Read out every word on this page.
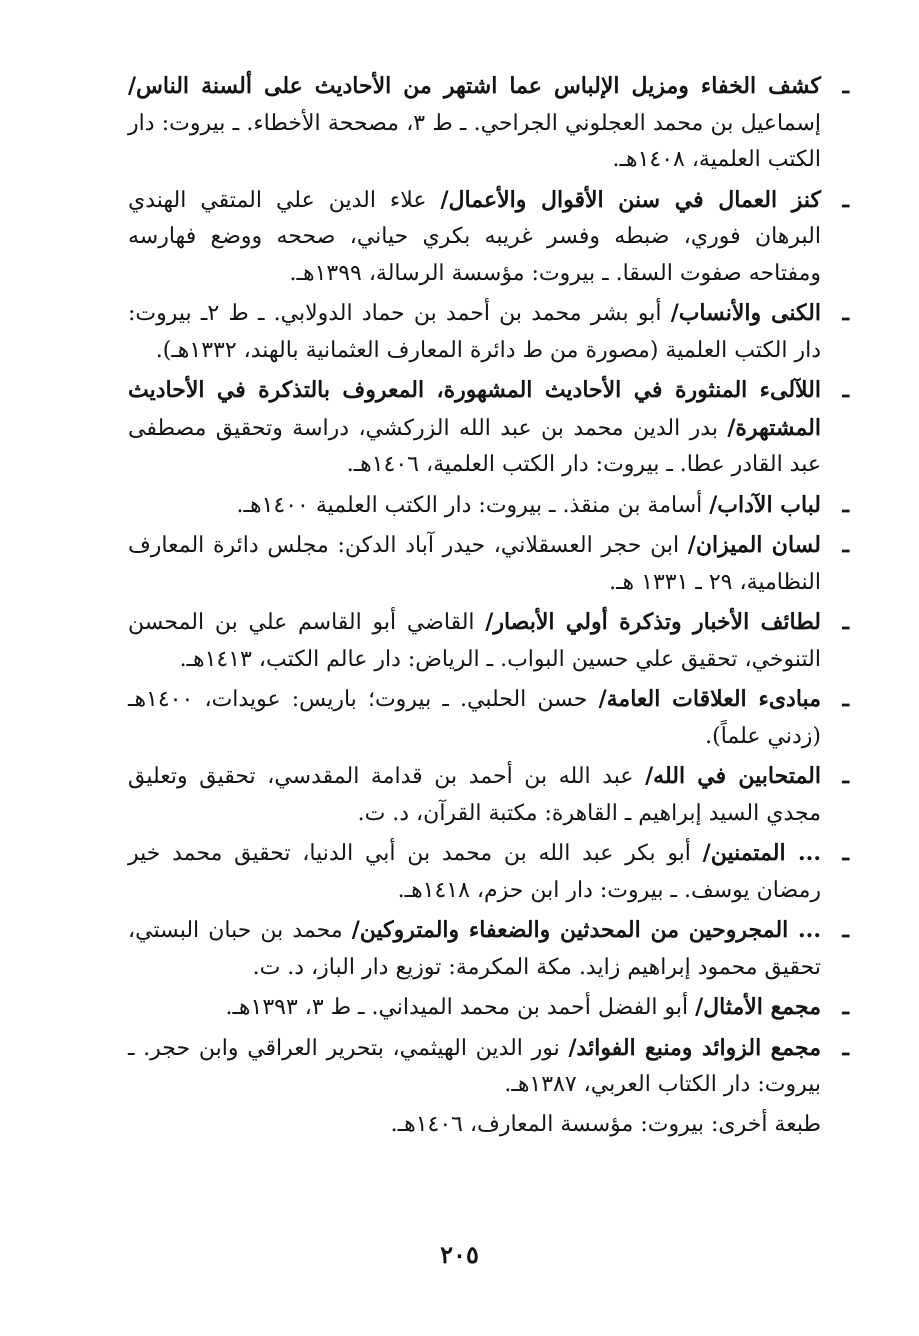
ـ
كشف الخفاء ومزيل الإلباس عما اشتهر من الأحاديث على ألسنة الناس/ إسماعيل بن محمد العجلوني الجراحي. ـ ط ٣، مصححة الأخطاء. ـ بيروت: دار الكتب العلمية، ١٤٠٨هـ.
ـ
كنز العمال في سنن الأقوال والأعمال/ علاء الدين علي المتقي الهندي البرهان فوري، ضبطه وفسر غريبه بكري حياني، صححه ووضع فهارسه ومفتاحه صفوت السقا. ـ بيروت: مؤسسة الرسالة، ١٣٩٩هـ.
ـ
الكنى والأنساب/ أبو بشر محمد بن أحمد بن حماد الدولابي. ـ ط ٢ـ بيروت: دار الكتب العلمية (مصورة من ط دائرة المعارف العثمانية بالهند، ١٣٣٢هـ).
ـ
اللآلىء المنثورة في الأحاديث المشهورة، المعروف بالتذكرة في الأحاديث المشتهرة/ بدر الدين محمد بن عبد الله الزركشي، دراسة وتحقيق مصطفى عبد القادر عطا. ـ بيروت: دار الكتب العلمية، ١٤٠٦هـ.
ـ
لباب الآداب/ أسامة بن منقذ. ـ بيروت: دار الكتب العلمية ١٤٠٠هـ.
ـ
لسان الميزان/ ابن حجر العسقلاني، حيدر آباد الدكن: مجلس دائرة المعارف النظامية، ٢٩ ـ ١٣٣١ هـ.
ـ
لطائف الأخبار وتذكرة أولي الأبصار/ القاضي أبو القاسم علي بن المحسن التنوخي، تحقيق علي حسين البواب. ـ الرياض: دار عالم الكتب، ١٤١٣هـ.
ـ
مبادىء العلاقات العامة/ حسن الحلبي. ـ بيروت؛ باريس: عويدات، ١٤٠٠هـ (زدني علماً).
ـ
المتحابين في الله/ عبد الله بن أحمد بن قدامة المقدسي، تحقيق وتعليق مجدي السيد إبراهيم ـ القاهرة: مكتبة القرآن، د. ت.
ـ
... المتمنين/ أبو بكر عبد الله بن محمد بن أبي الدنيا، تحقيق محمد خير رمضان يوسف. ـ بيروت: دار ابن حزم، ١٤١٨هـ.
ـ
... المجروحين من المحدثين والضعفاء والمتروكين/ محمد بن حبان البستي، تحقيق محمود إبراهيم زايد. مكة المكرمة: توزيع دار الباز، د. ت.
ـ
مجمع الأمثال/ أبو الفضل أحمد بن محمد الميداني. ـ ط ٣، ١٣٩٣هـ.
ـ
مجمع الزوائد ومنبع الفوائد/ نور الدين الهيثمي، بتحرير العراقي وابن حجر. ـ بيروت: دار الكتاب العربي، ١٣٨٧هـ.
طبعة أخرى: بيروت: مؤسسة المعارف، ١٤٠٦هـ.
٢٠٥
